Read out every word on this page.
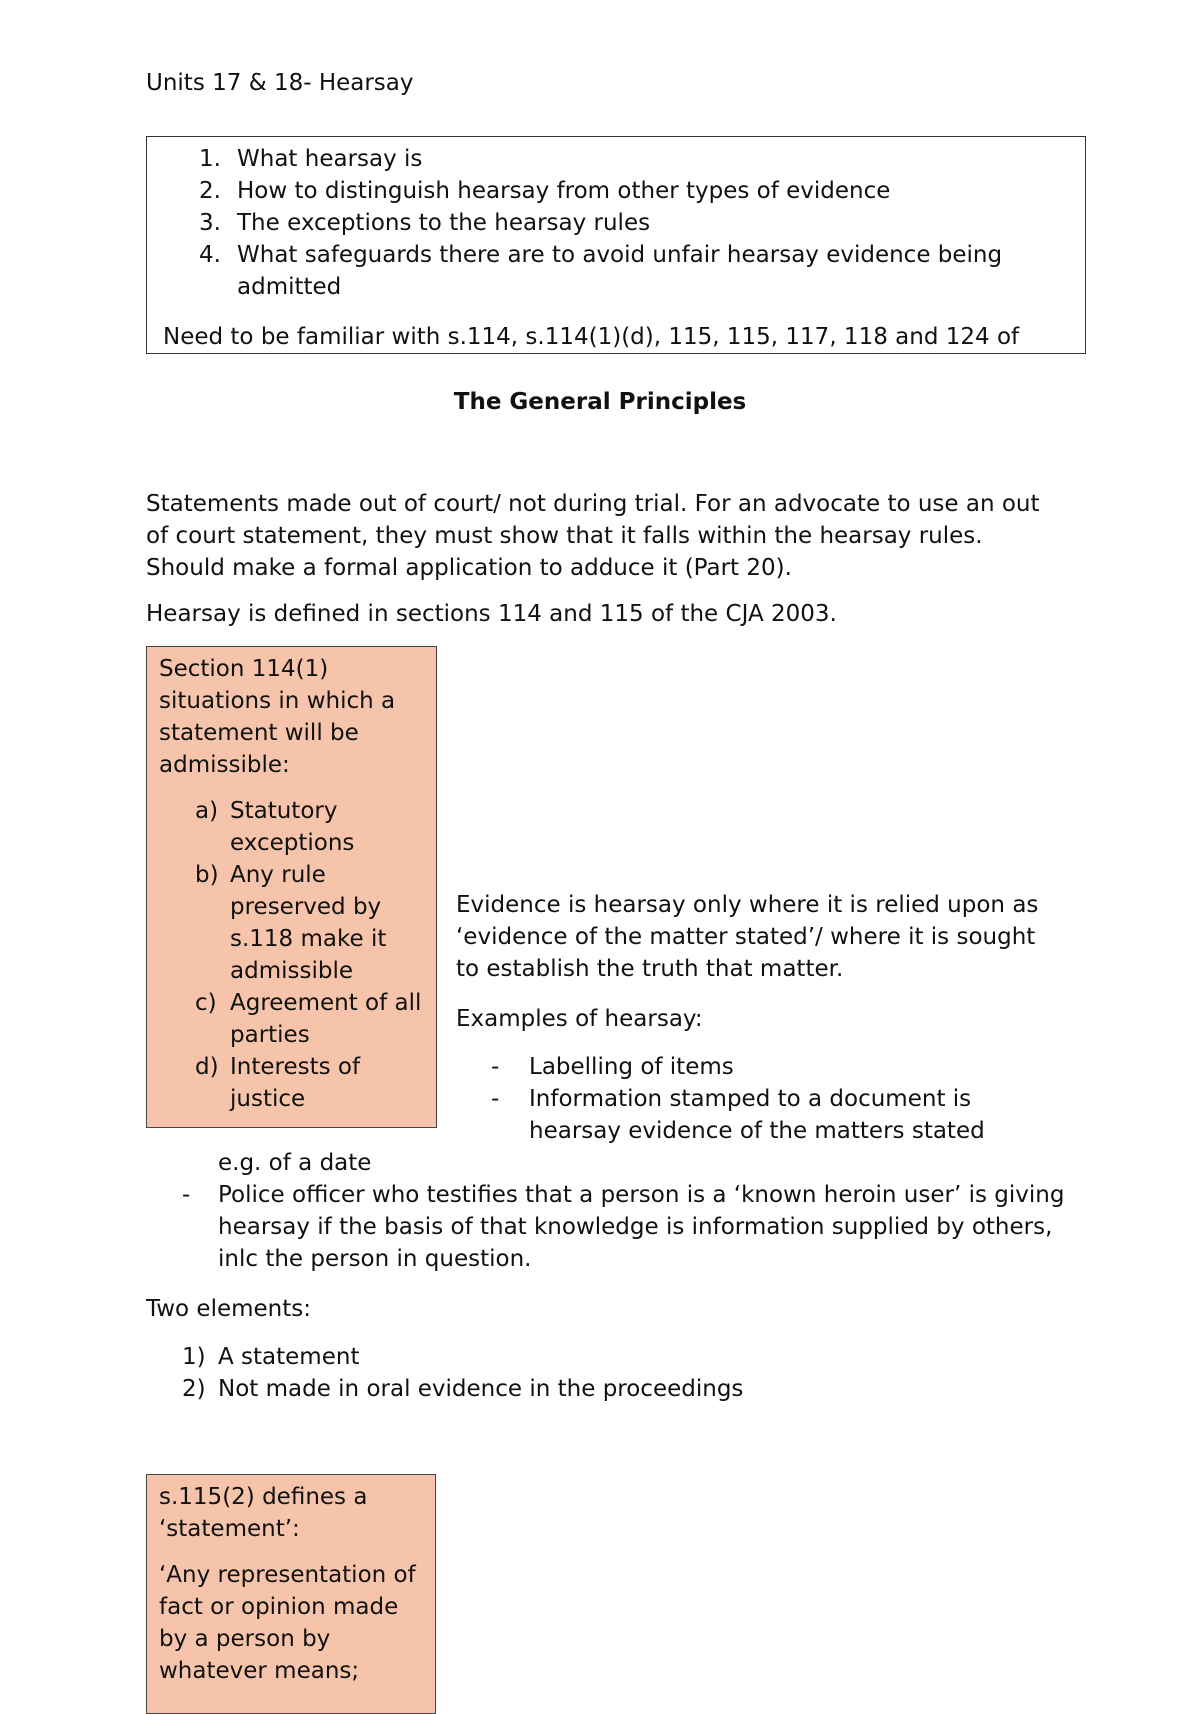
Units 17 & 18- Hearsay
1. What hearsay is
2. How to distinguish hearsay from other types of evidence
3. The exceptions to the hearsay rules
4. What safeguards there are to avoid unfair hearsay evidence being admitted
Need to be familiar with s.114, s.114(1)(d), 115, 115, 117, 118 and 124 of
The General Principles
Statements made out of court/ not during trial. For an advocate to use an out of court statement, they must show that it falls within the hearsay rules. Should make a formal application to adduce it (Part 20).
Hearsay is defined in sections 114 and 115 of the CJA 2003.

Section 114(1) situations in which a statement will be admissible:

a) Statutory exceptions
b) Any rule preserved by s.118 make it admissible
c) Agreement of all parties
d) Interests of justice
Evidence is hearsay only where it is relied upon as ‘evidence of the matter stated’/ where it is sought to establish the truth that matter.
Examples of hearsay:
- Labelling of items
- Information stamped to a document is hearsay evidence of the matters stated
e.g. of a date
- Police officer who testifies that a person is a ‘known heroin user’ is giving hearsay if the basis of that knowledge is information supplied by others, inlc the person in question.
Two elements:
1) A statement
2) Not made in oral evidence in the proceedings

s.115(2) defines a ‘statement’:

‘Any representation of fact or opinion made by a person by whatever means;
